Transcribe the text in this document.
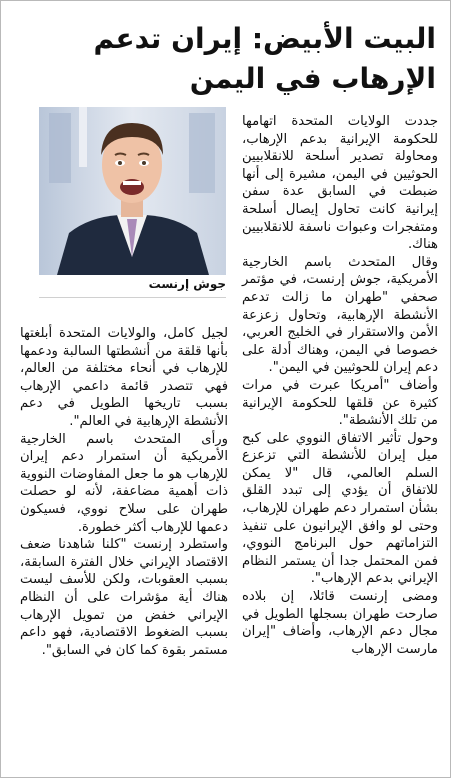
البيت الأبيض: إيران تدعم
الإرهاب في اليمن
جوش إرنست

جددت الولايات المتحدة اتهامها للحكومة الإيرانية بدعم الإرهاب، ومحاولة تصدير أسلحة للانقلابيين الحوثيين في اليمن، مشيرة إلى أنها ضبطت في السابق عدة سفن إيرانية كانت تحاول إيصال أسلحة ومتفجرات وعبوات ناسفة للانقلابيين هناك.

وقال المتحدث باسم الخارجية الأمريكية، جوش إرنست، في مؤتمر صحفي "طهران ما زالت تدعم الأنشطة الإرهابية، وتحاول زعزعة الأمن والاستقرار في الخليج العربي، خصوصا في اليمن، وهناك أدلة على دعم إيران للحوثيين في اليمن".

وأضاف "أمريكا عبرت في مرات كثيرة عن قلقها للحكومة الإيرانية من تلك الأنشطة".

وحول تأثير الاتفاق النووي على كبح ميل إيران للأنشطة التي تزعزع السلم العالمي، قال "لا يمكن للاتفاق أن يؤدي إلى تبدد القلق بشأن استمرار دعم طهران للإرهاب، وحتى لو وافق الإيرانيون على تنفيذ التزاماتهم حول البرنامج النووي، فمن المحتمل جدا أن يستمر النظام الإيراني بدعم الإرهاب".

ومضى إرنست قائلا، إن بلاده صارحت طهران بسجلها الطويل في مجال دعم الإرهاب، وأضاف "إيران مارست الإرهاب

لجيل كامل، والولايات المتحدة أبلغتها بأنها قلقة من أنشطتها السالبة ودعمها للإرهاب في أنحاء مختلفة من العالم، فهي تتصدر قائمة داعمي الإرهاب بسبب تاريخها الطويل في دعم الأنشطة الإرهابية في العالم".

ورأى المتحدث باسم الخارجية الأمريكية أن استمرار دعم إيران للإرهاب هو ما جعل المفاوضات النووية ذات أهمية مضاعفة، لأنه لو حصلت طهران على سلاح نووي، فسيكون دعمها للإرهاب أكثر خطورة.

واستطرد إرنست "كلنا شاهدنا ضعف الاقتصاد الإيراني خلال الفترة السابقة، بسبب العقوبات، ولكن للأسف ليست هناك أية مؤشرات على أن النظام الإيراني خفض من تمويل الإرهاب بسبب الضغوط الاقتصادية، فهو داعم مستمر بقوة كما كان في السابق".
